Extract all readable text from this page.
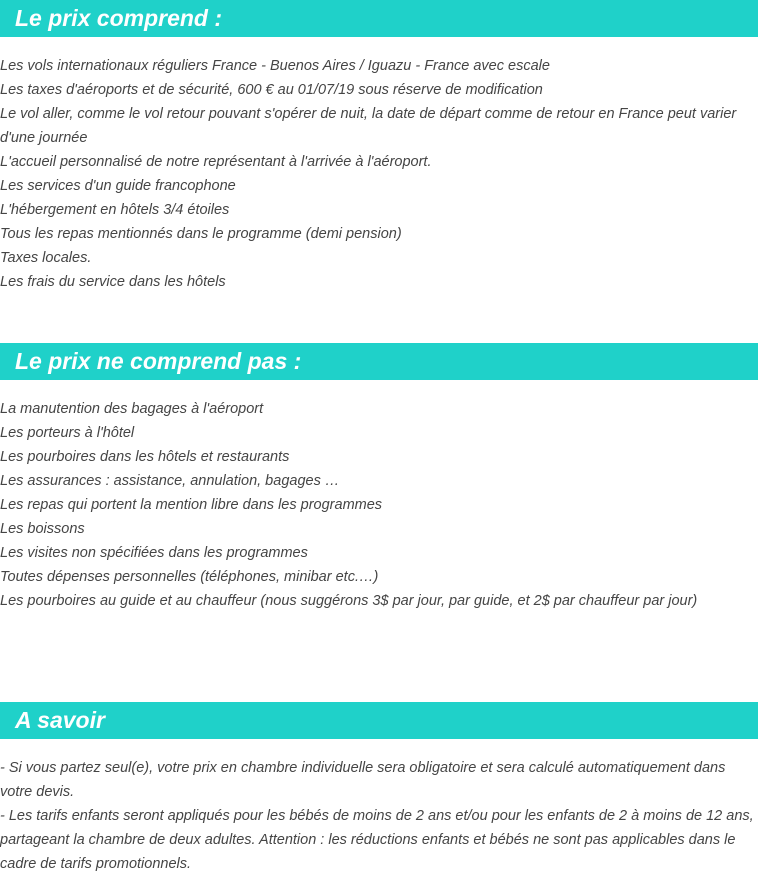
Le prix comprend :
Les vols internationaux réguliers France - Buenos Aires / Iguazu - France avec escale
Les taxes d'aéroports et de sécurité, 600 € au 01/07/19 sous réserve de modification
Le vol aller, comme le vol retour pouvant s'opérer de nuit, la date de départ comme de retour en France peut varier d'une journée
L'accueil personnalisé de notre représentant à l'arrivée à l'aéroport.
Les services d'un guide francophone
L'hébergement en hôtels 3/4 étoiles
Tous les repas mentionnés dans le programme (demi pension)
Taxes locales.
Les frais du service dans les hôtels
Le prix ne comprend pas :
La manutention des bagages à l'aéroport
Les porteurs à l'hôtel
Les pourboires dans les hôtels et restaurants
Les assurances : assistance, annulation, bagages …
Les repas qui portent la mention libre dans les programmes
Les boissons
Les visites non spécifiées dans les programmes
Toutes dépenses personnelles (téléphones, minibar etc.…)
Les pourboires au guide et au chauffeur (nous suggérons 3$ par jour, par guide, et 2$ par chauffeur par jour)
A savoir
- Si vous partez seul(e), votre prix en chambre individuelle sera obligatoire et sera calculé automatiquement dans votre devis.
- Les tarifs enfants seront appliqués pour les bébés de moins de 2 ans et/ou pour les enfants de 2 à moins de 12 ans, partageant la chambre de deux adultes. Attention : les réductions enfants et bébés ne sont pas applicables dans le cadre de tarifs promotionnels.
